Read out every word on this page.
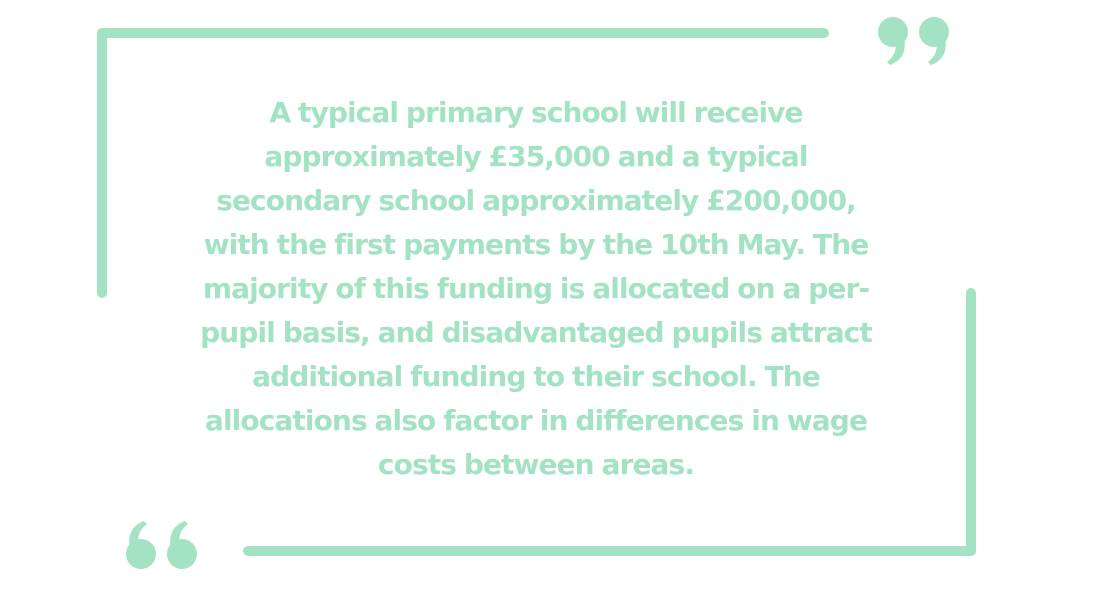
A typical primary school will receive
approximately £35,000 and a typical
secondary school approximately £200,000,
with the first payments by the 10th May. The
majority of this funding is allocated on a per-
pupil basis, and disadvantaged pupils attract
additional funding to their school. The
allocations also factor in differences in wage
costs between areas.
